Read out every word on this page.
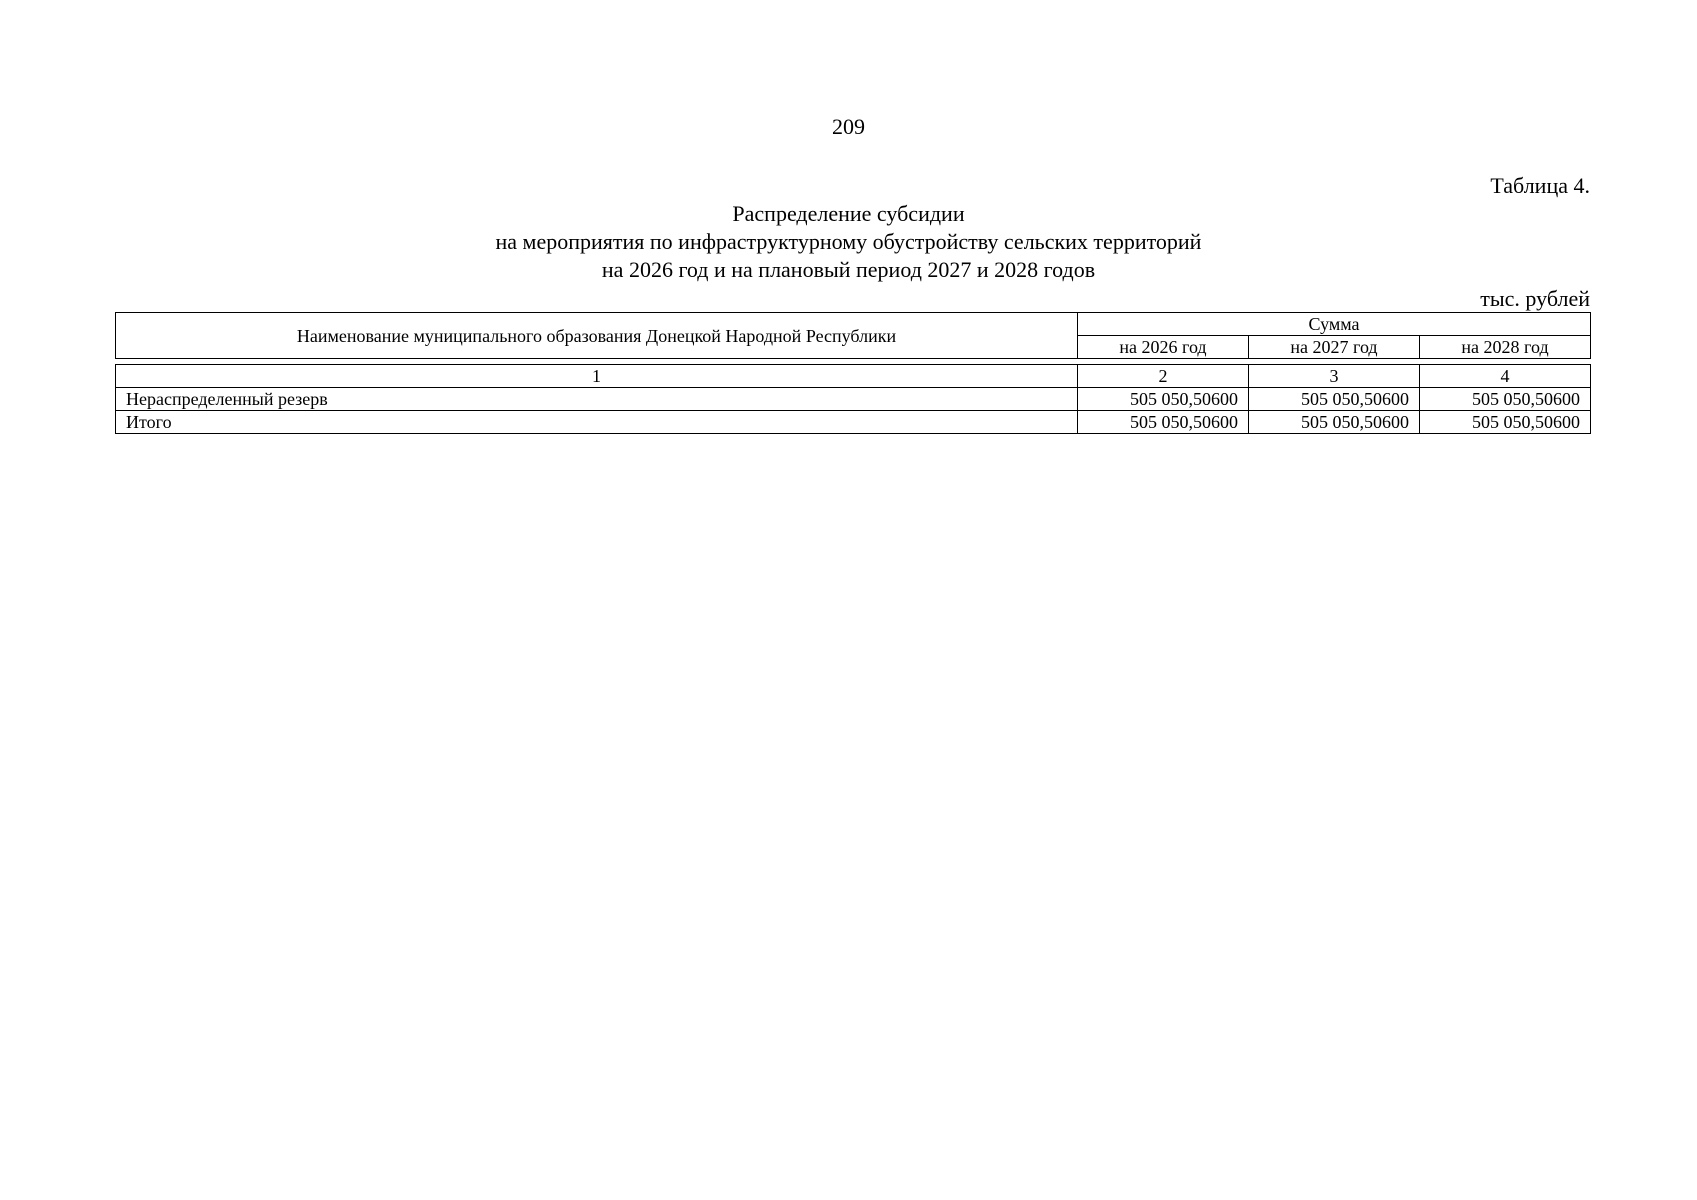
209
Таблица 4.
Распределение субсидии
на мероприятия по инфраструктурному обустройству сельских территорий
на 2026 год и на плановый период 2027 и 2028 годов
тыс. рублей
Наименование муниципального образования Донецкой Народной Республики	Сумма		
	на 2026 год	на 2027 год	на 2028 год
1	2	3	4
Нераспределенный резерв	505 050,50600	505 050,50600	505 050,50600
Итого	505 050,50600	505 050,50600	505 050,50600
